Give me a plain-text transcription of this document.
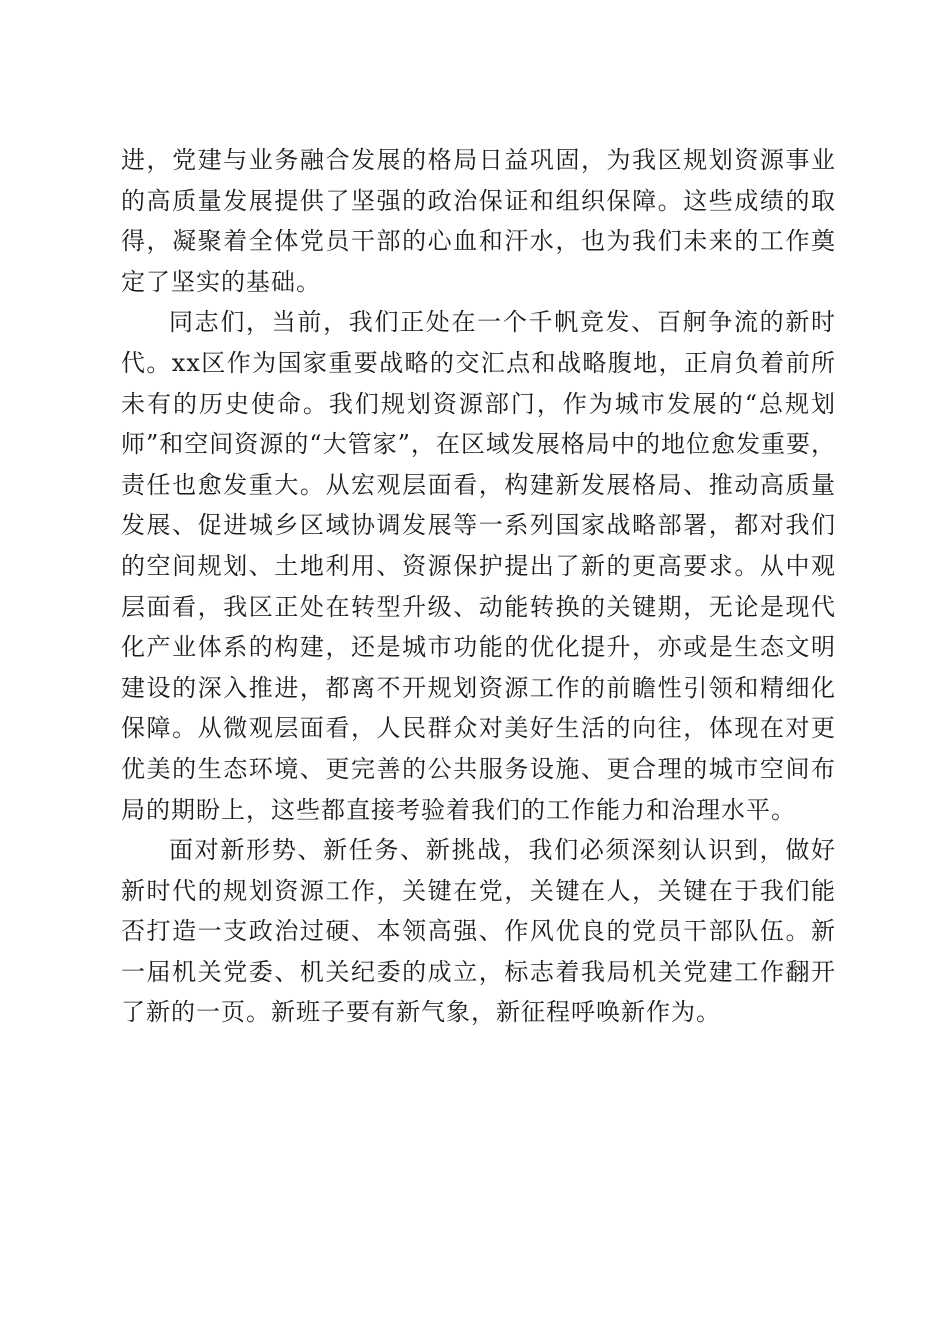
进，党建与业务融合发展的格局日益巩固，为我区规划资源事业的高质量发展提供了坚强的政治保证和组织保障。这些成绩的取得，凝聚着全体党员干部的心血和汗水，也为我们未来的工作奠定了坚实的基础。

同志们，当前，我们正处在一个千帆竞发、百舸争流的新时代。xx区作为国家重要战略的交汇点和战略腹地，正肩负着前所未有的历史使命。我们规划资源部门，作为城市发展的“总规划师”和空间资源的“大管家”，在区域发展格局中的地位愈发重要，责任也愈发重大。从宏观层面看，构建新发展格局、推动高质量发展、促进城乡区域协调发展等一系列国家战略部署，都对我们的空间规划、土地利用、资源保护提出了新的更高要求。从中观层面看，我区正处在转型升级、动能转换的关键期，无论是现代化产业体系的构建，还是城市功能的优化提升，亦或是生态文明建设的深入推进，都离不开规划资源工作的前瞻性引领和精细化保障。从微观层面看，人民群众对美好生活的向往，体现在对更优美的生态环境、更完善的公共服务设施、更合理的城市空间布局的期盼上，这些都直接考验着我们的工作能力和治理水平。

面对新形势、新任务、新挑战，我们必须深刻认识到，做好新时代的规划资源工作，关键在党，关键在人，关键在于我们能否打造一支政治过硬、本领高强、作风优良的党员干部队伍。新一届机关党委、机关纪委的成立，标志着我局机关党建工作翻开了新的一页。新班子要有新气象，新征程呼唤新作为。
